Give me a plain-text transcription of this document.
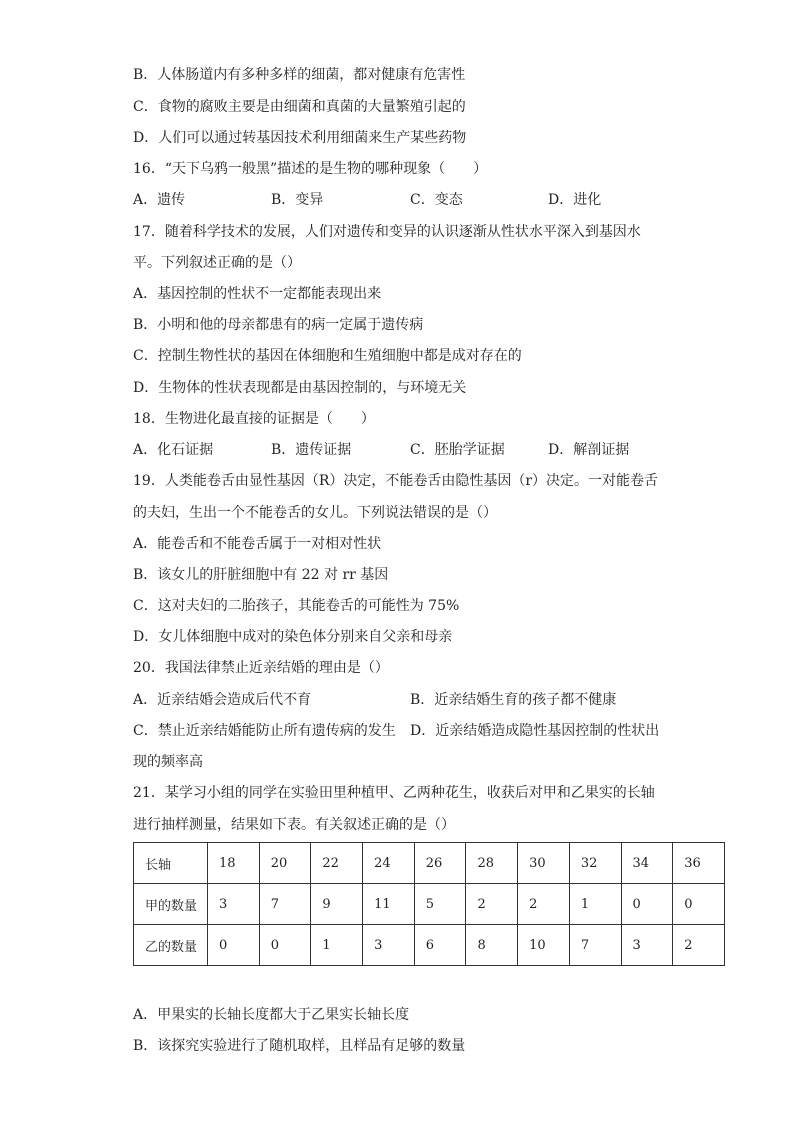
B．人体肠道内有多种多样的细菌，都对健康有危害性
C．食物的腐败主要是由细菌和真菌的大量繁殖引起的
D．人们可以通过转基因技术利用细菌来生产某些药物
16．“天下乌鸦一般黑”描述的是生物的哪种现象（　　）
A．遗传	B．变异	C．变态	D．进化
17．随着科学技术的发展，人们对遗传和变异的认识逐渐从性状水平深入到基因水
平。下列叙述正确的是（）
A．基因控制的性状不一定都能表现出来
B．小明和他的母亲都患有的病一定属于遗传病
C．控制生物性状的基因在体细胞和生殖细胞中都是成对存在的
D．生物体的性状表现都是由基因控制的，与环境无关
18．生物进化最直接的证据是（　　）
A．化石证据	B．遗传证据	C．胚胎学证据	D．解剖证据
19．人类能卷舌由显性基因（R）决定，不能卷舌由隐性基因（r）决定。一对能卷舌
的夫妇，生出一个不能卷舌的女儿。下列说法错误的是（）
A．能卷舌和不能卷舌属于一对相对性状
B．该女儿的肝脏细胞中有 22 对 rr 基因
C．这对夫妇的二胎孩子，其能卷舌的可能性为 75%
D．女儿体细胞中成对的染色体分别来自父亲和母亲
20．我国法律禁止近亲结婚的理由是（）
A．近亲结婚会造成后代不育	B．近亲结婚生育的孩子都不健康
C．禁止近亲结婚能防止所有遗传病的发生 D．近亲结婚造成隐性基因控制的性状出
现的频率高
21．某学习小组的同学在实验田里种植甲、乙两种花生，收获后对甲和乙果实的长轴
进行抽样测量，结果如下表。有关叙述正确的是（）
长轴	18	20	22	24	26	28	30	32	34	36
甲的数量	3	7	9	11	5	2	2	1	0	0
乙的数量	0	0	1	3	6	8	10	7	3	2
A．甲果实的长轴长度都大于乙果实长轴长度
B．该探究实验进行了随机取样，且样品有足够的数量
